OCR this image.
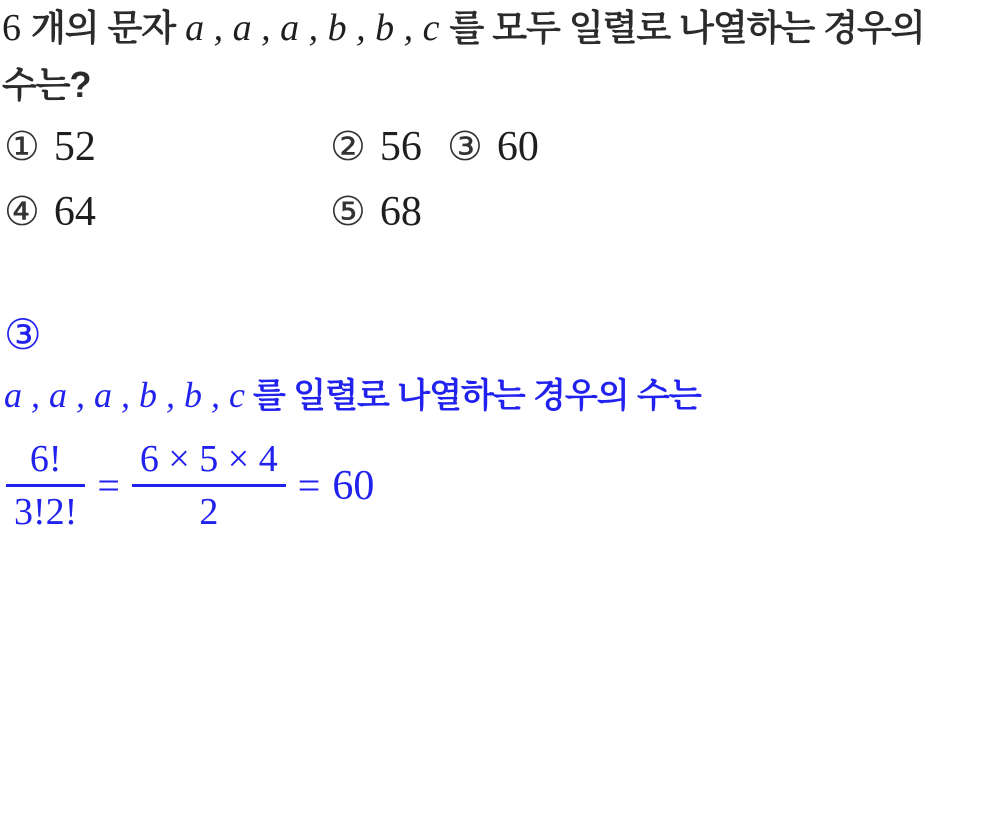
6 개의 문자 a , a , a , b , b , c 를 모두 일렬로 나열하는 경우의
수는?
① 52	② 56 ③ 60
④ 64	⑤ 68
③
a , a , a , b , b , c 를 일렬로 나열하는 경우의 수는
$\frac{6!}{3!2!} = \frac{6 \times 5 \times 4}{2} = 60$
